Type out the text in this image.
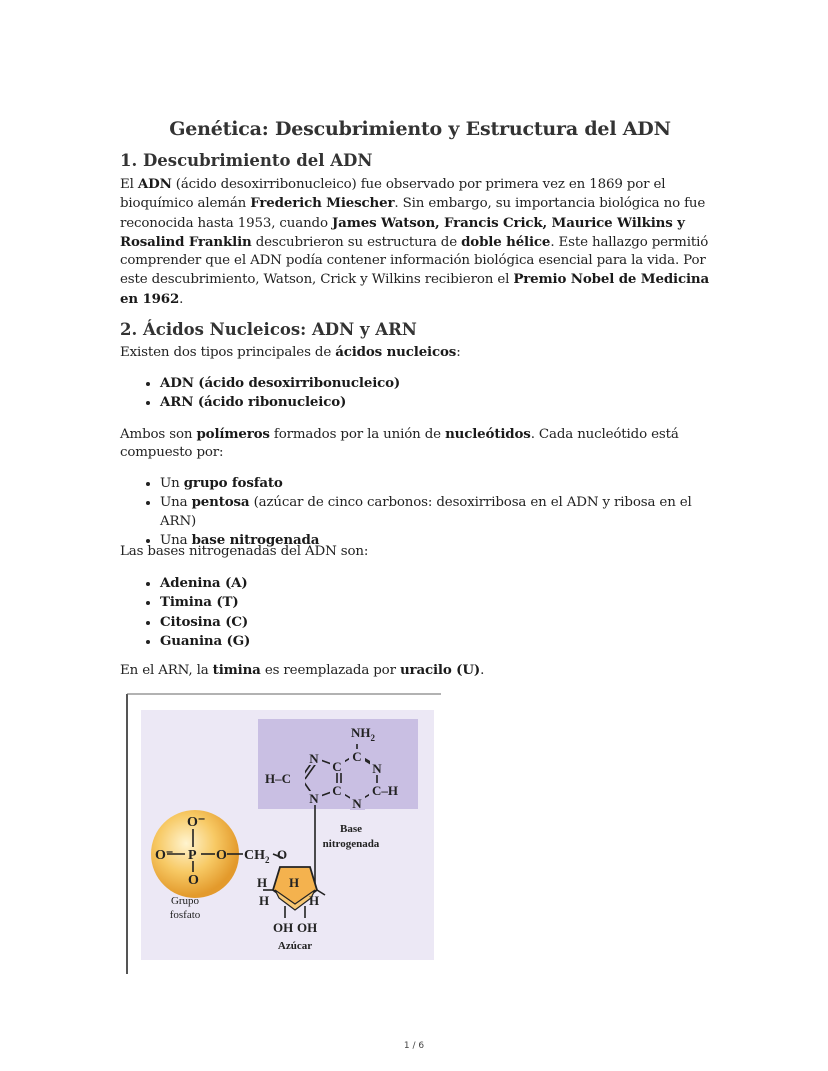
Genética: Descubrimiento y Estructura del ADN
1. Descubrimiento del ADN

El ADN (ácido desoxirribonucleico) fue observado por primera vez en 1869 por el bioquímico alemán Frederich Miescher. Sin embargo, su importancia biológica no fue reconocida hasta 1953, cuando James Watson, Francis Crick, Maurice Wilkins y Rosalind Franklin descubrieron su estructura de doble hélice. Este hallazgo permitió comprender que el ADN podía contener información biológica esencial para la vida. Por este descubrimiento, Watson, Crick y Wilkins recibieron el Premio Nobel de Medicina en 1962.

2. Ácidos Nucleicos: ADN y ARN

Existen dos tipos principales de ácidos nucleicos:

• ADN (ácido desoxirribonucleico)
• ARN (ácido ribonucleico)

Ambos son polímeros formados por la unión de nucleótidos. Cada nucleótido está compuesto por:

• Un grupo fosfato
• Una pentosa (azúcar de cinco carbonos: desoxirribosa en el ADN y ribosa en el ARN)
• Una base nitrogenada

Las bases nitrogenadas del ADN son:

• Adenina (A)
• Timina (T)
• Citosina (C)
• Guanina (G)

En el ARN, la timina es reemplazada por uracilo (U).

C
$NH_2$
N
C–H
N
C
C
N
H–C
N
Base
nitrogenada
O⁻
O⁻ P O
O
$CH_2$
Grupo
fosfato
O
H
H
H
H
OH OH
Azúcar
1 / 6
